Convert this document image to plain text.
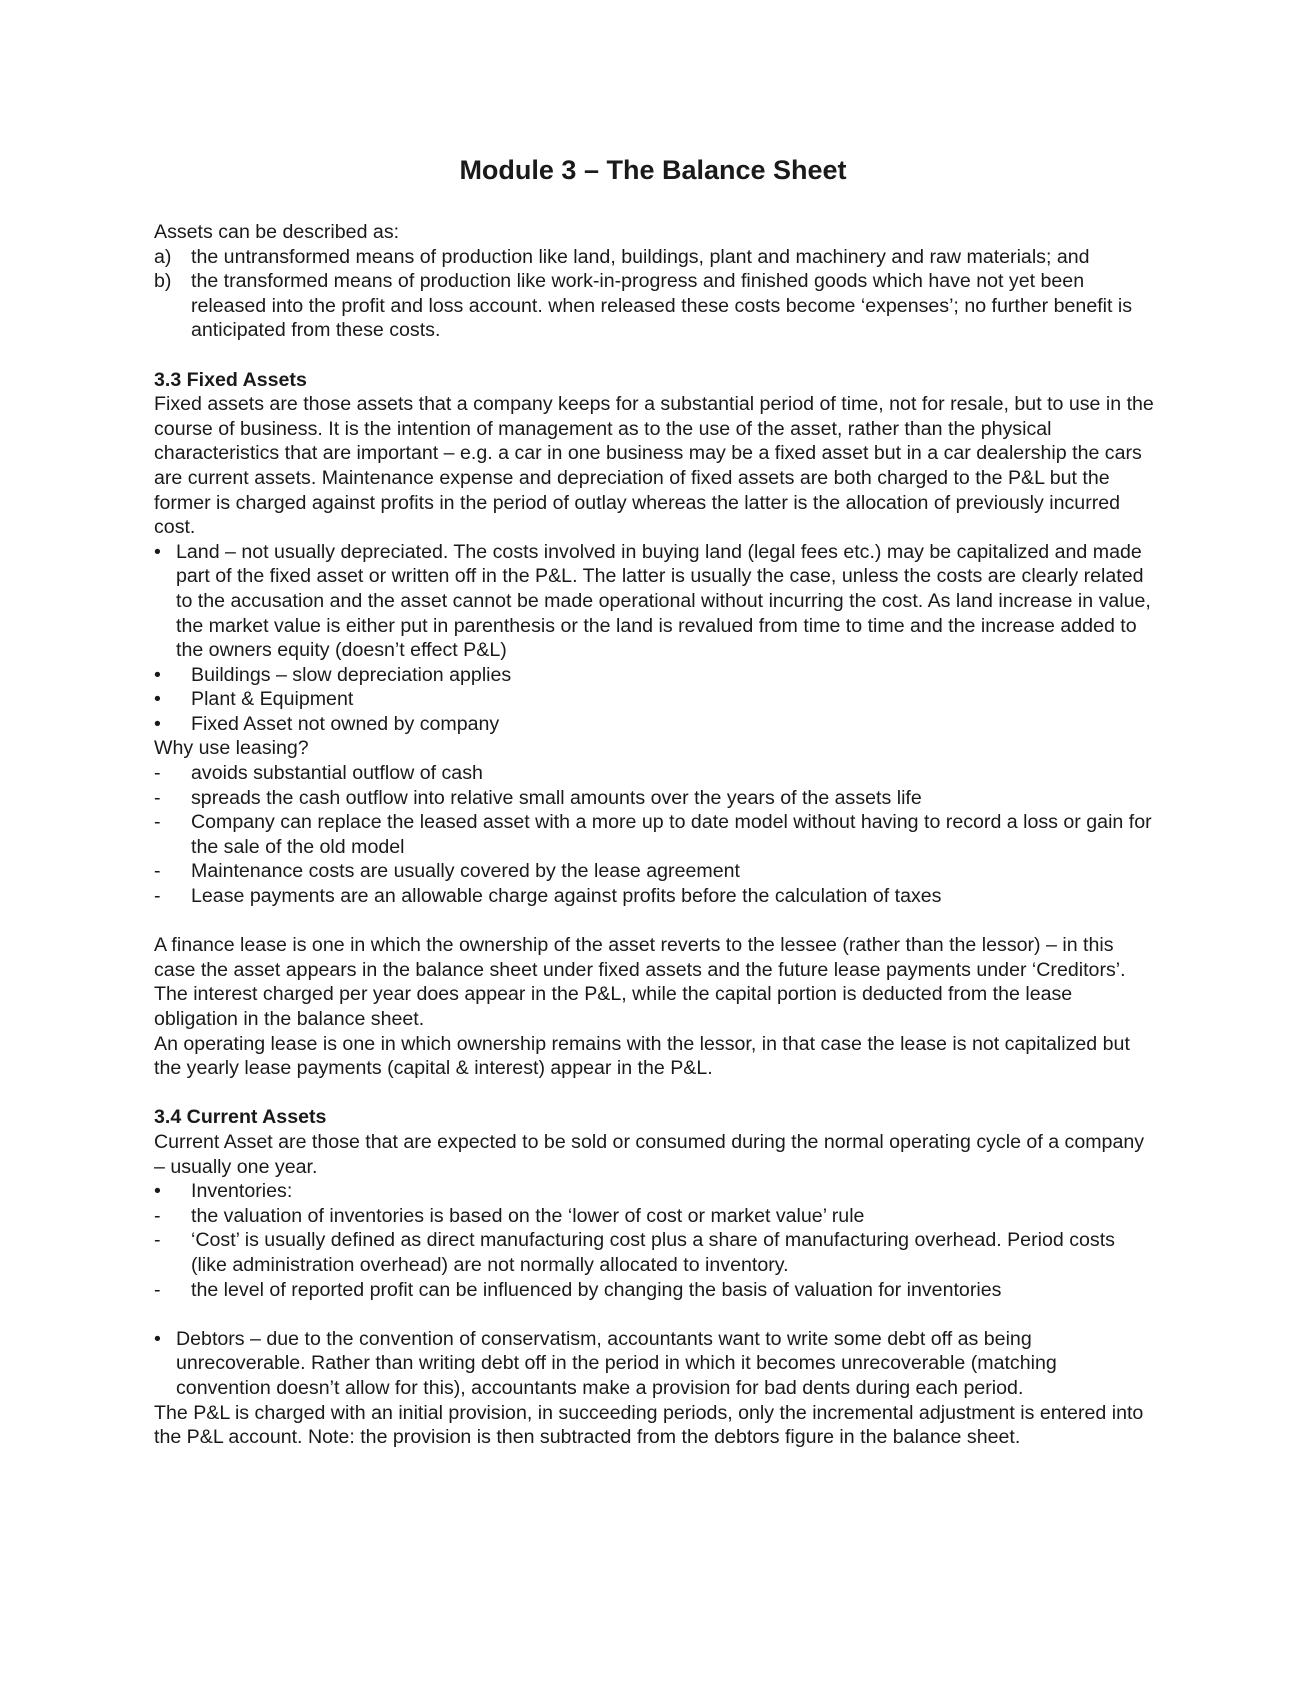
Module 3 – The Balance Sheet

Assets can be described as:

a) the untransformed means of production like land, buildings, plant and machinery and raw materials; and
b) the transformed means of production like work-in-progress and finished goods which have not yet been released into the profit and loss account. when released these costs become ‘expenses’; no further benefit is anticipated from these costs.
3.3 Fixed Assets

Fixed assets are those assets that a company keeps for a substantial period of time, not for resale, but to use in the course of business. It is the intention of management as to the use of the asset, rather than the physical characteristics that are important – e.g. a car in one business may be a fixed asset but in a car dealership the cars are current assets. Maintenance expense and depreciation of fixed assets are both charged to the P&L but the former is charged against profits in the period of outlay whereas the latter is the allocation of previously incurred cost.

• Land – not usually depreciated. The costs involved in buying land (legal fees etc.) may be capitalized and made part of the fixed asset or written off in the P&L. The latter is usually the case, unless the costs are clearly related to the accusation and the asset cannot be made operational without incurring the cost. As land increase in value, the market value is either put in parenthesis or the land is revalued from time to time and the increase added to the owners equity (doesn’t effect P&L)
•	Buildings – slow depreciation applies
•	Plant & Equipment
•	Fixed Asset not owned by company

Why use leasing?

-	avoids substantial outflow of cash
-	spreads the cash outflow into relative small amounts over the years of the assets life
-	Company can replace the leased asset with a more up to date model without having to record a loss or gain for the sale of the old model
-	Maintenance costs are usually covered by the lease agreement
-	Lease payments are an allowable charge against profits before the calculation of taxes

A finance lease is one in which the ownership of the asset reverts to the lessee (rather than the lessor) – in this case the asset appears in the balance sheet under fixed assets and the future lease payments under ‘Creditors’. The interest charged per year does appear in the P&L, while the capital portion is deducted from the lease obligation in the balance sheet.

An operating lease is one in which ownership remains with the lessor, in that case the lease is not capitalized but the yearly lease payments (capital & interest) appear in the P&L.

3.4 Current Assets

Current Asset are those that are expected to be sold or consumed during the normal operating cycle of a company – usually one year.

•	Inventories:
-	the valuation of inventories is based on the ‘lower of cost or market value’ rule
-	‘Cost’ is usually defined as direct manufacturing cost plus a share of manufacturing overhead. Period costs (like administration overhead) are not normally allocated to inventory.
-	the level of reported profit can be influenced by changing the basis of valuation for inventories
• Debtors – due to the convention of conservatism, accountants want to write some debt off as being unrecoverable. Rather than writing debt off in the period in which it becomes unrecoverable (matching convention doesn’t allow for this), accountants make a provision for bad dents during each period.

The P&L is charged with an initial provision, in succeeding periods, only the incremental adjustment is entered into the P&L account. Note: the provision is then subtracted from the debtors figure in the balance sheet.
